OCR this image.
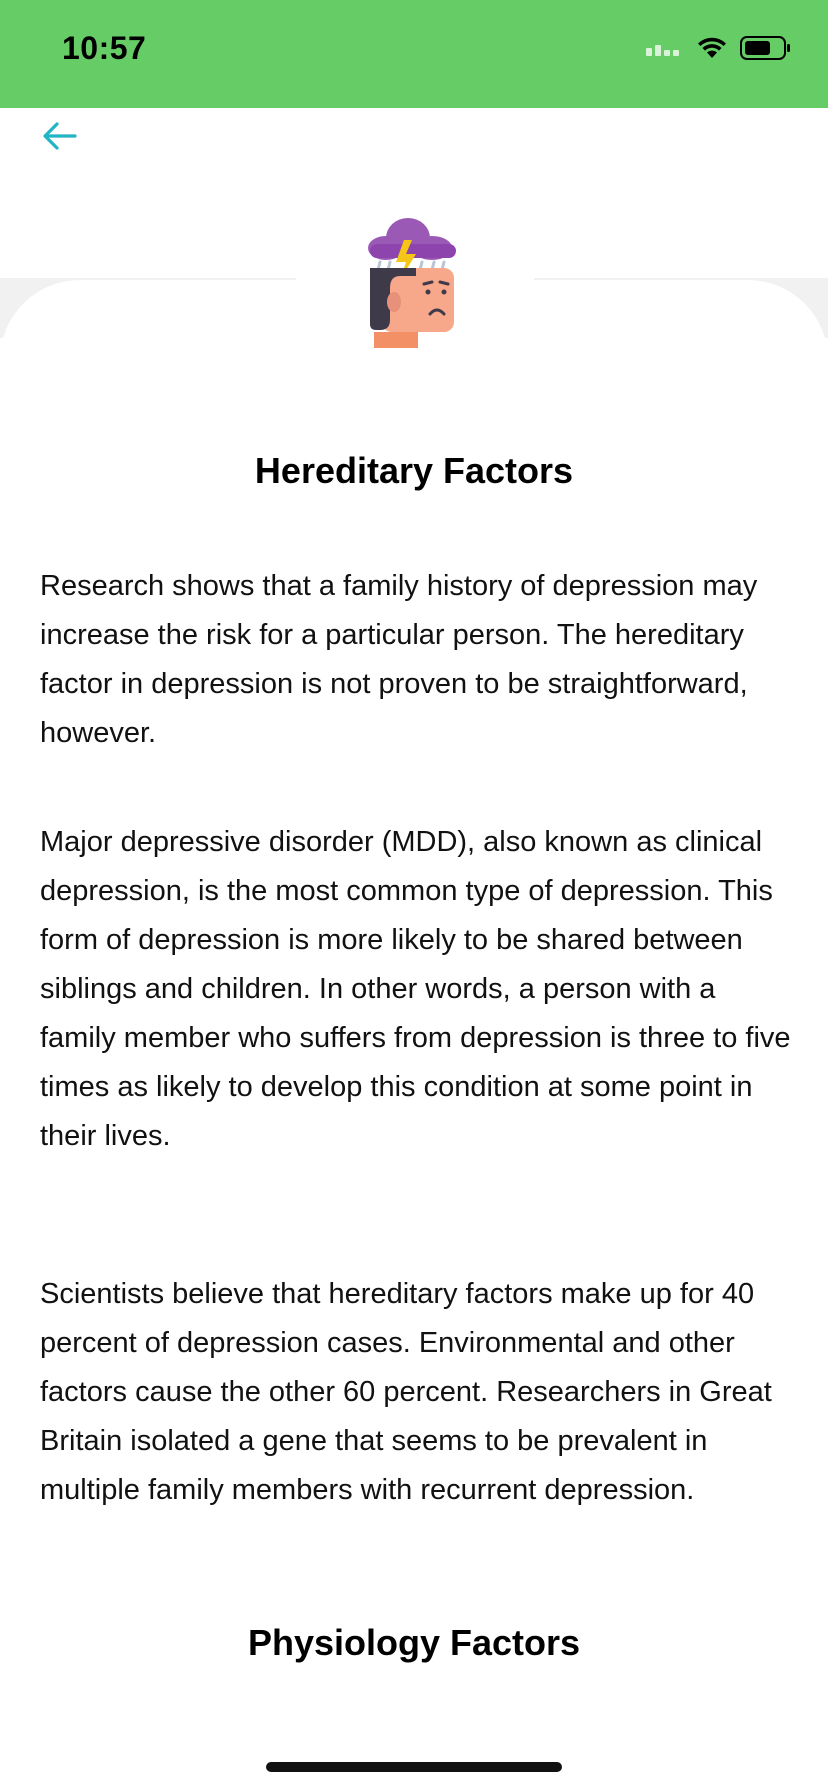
10:57
Hereditary Factors

Research shows that a family history of depression may increase the risk for a particular person. The hereditary factor in depression is not proven to be straightforward, however.

Major depressive disorder (MDD), also known as clinical depression, is the most common type of depression. This form of depression is more likely to be shared between siblings and children. In other words, a person with a family member who suffers from depression is three to five times as likely to develop this condition at some point in their lives.

Scientists believe that hereditary factors make up for 40 percent of depression cases. Environmental and other factors cause the other 60 percent. Researchers in Great Britain isolated a gene that seems to be prevalent in multiple family members with recurrent depression.

Physiology Factors
